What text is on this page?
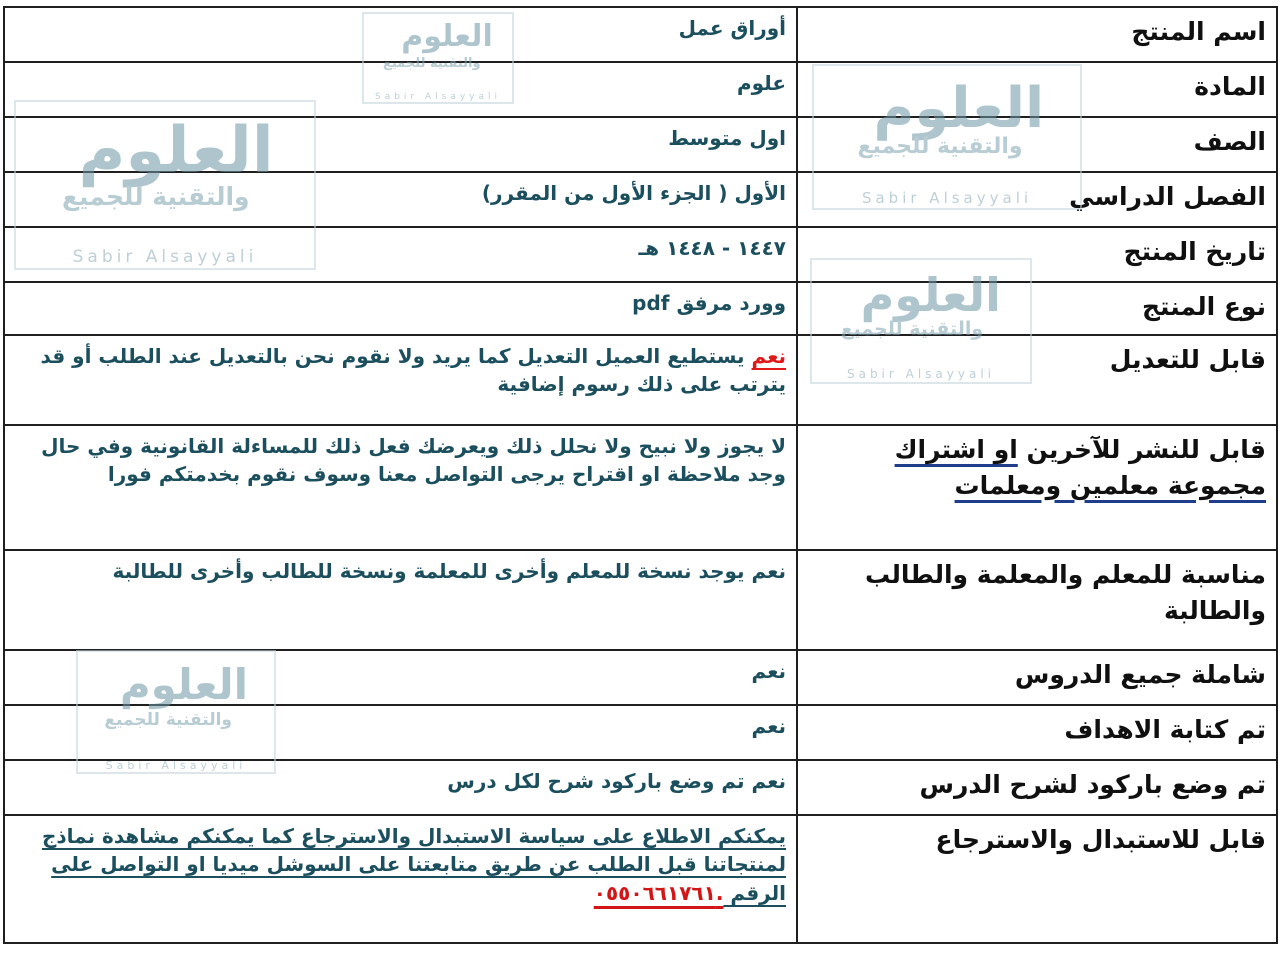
اسم المنتج	أوراق عمل
المادة	علوم
الصف	اول متوسط
الفصل الدراسي	الأول ( الجزء الأول من المقرر)
تاريخ المنتج	١٤٤٧ - ١٤٤٨ هـ
نوع المنتج	وورد مرفق pdf
قابل للتعديل	نعم يستطيع العميل التعديل كما يريد ولا نقوم نحن بالتعديل عند الطلب أو قد يترتب على ذلك رسوم إضافية
قابل للنشر للآخرين او اشتراك مجموعة معلمين ومعلمات	لا يجوز ولا نبيح ولا نحلل ذلك ويعرضك فعل ذلك للمساءلة القانونية وفي حال وجد ملاحظة او اقتراح يرجى التواصل معنا وسوف نقوم بخدمتكم فورا
مناسبة للمعلم والمعلمة والطالب والطالبة	نعم يوجد نسخة للمعلم وأخرى للمعلمة ونسخة للطالب وأخرى للطالبة
شاملة جميع الدروس	نعم
تم كتابة الاهداف	نعم
تم وضع باركود لشرح الدرس	نعم تم وضع باركود شرح لكل درس
قابل للاستبدال والاسترجاع	يمكنكم الاطلاع على سياسة الاستبدال والاسترجاع كما يمكنكم مشاهدة نماذج لمنتجاتنا قبل الطلب عن طريق متابعتنا على السوشل ميديا او التواصل على الرقم .٠٥٥٠٦٦١٧٦١
العلوم
والتقنية للجميع
Sabir Alsayyali	العلوم
والتقنية للجميع
Sabir Alsayyali
العلوم
والتقنية للجميع
Sabir Alsayyali
العلوم
والتقنية للجميع
Sabir Alsayyali
العلوم
والتقنية للجميع
Sabir Alsayyali
